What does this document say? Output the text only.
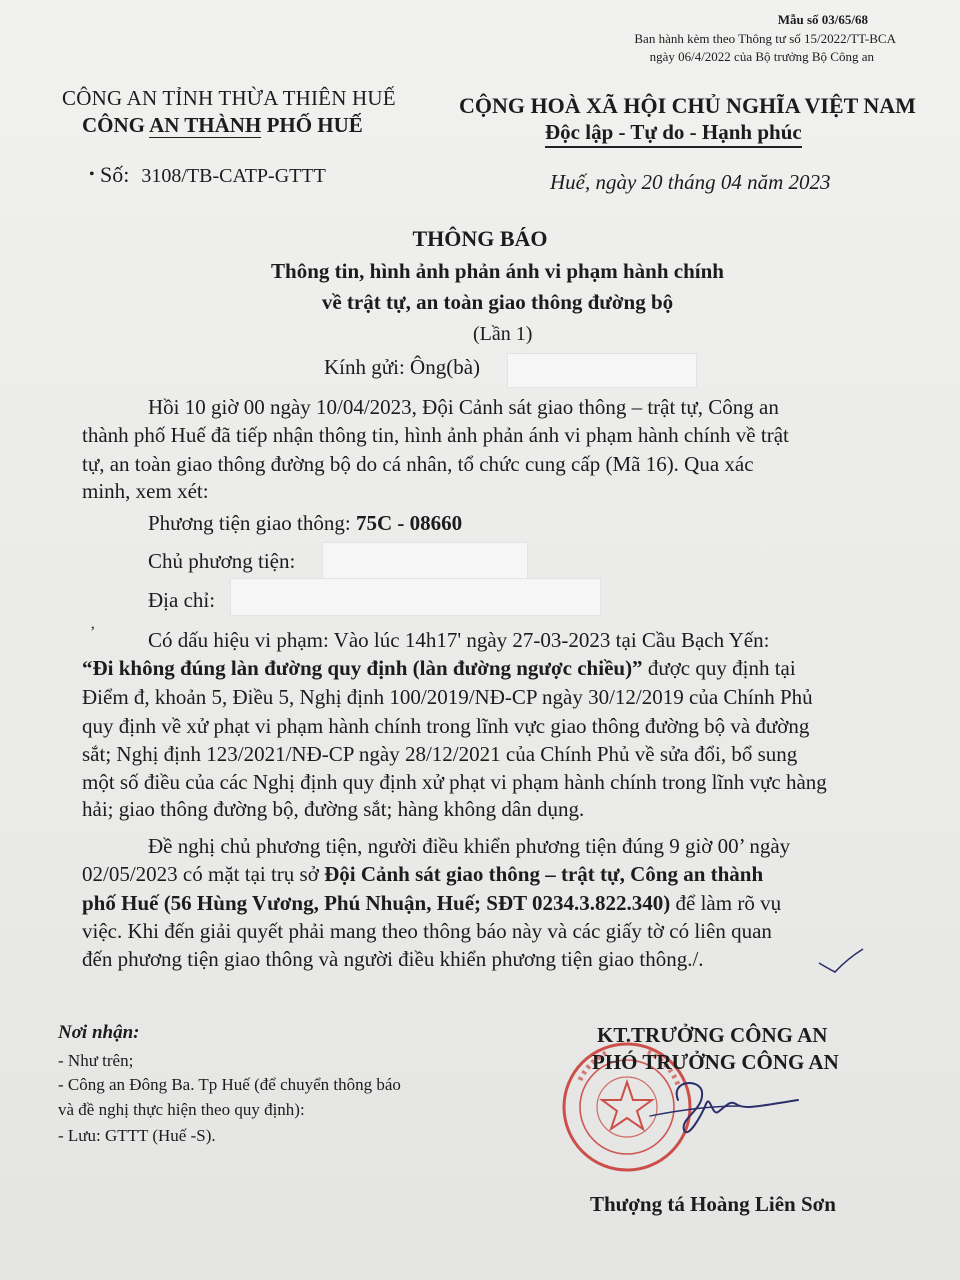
Mẫu số 03/65/68
Ban hành kèm theo Thông tư số 15/2022/TT-BCA
ngày 06/4/2022 của Bộ trưởng Bộ Công an
CÔNG AN TỈNH THỪA THIÊN HUẾ
CÔNG AN THÀNH PHỐ HUẾ
CỘNG HOÀ XÃ HỘI CHỦ NGHĨA VIỆT NAM
Độc lập - Tự do - Hạnh phúc
• Số: 3108/TB-CATP-GTTT	Huế, ngày 20 tháng 04 năm 2023
THÔNG BÁO
Thông tin, hình ảnh phản ánh vi phạm hành chính
về trật tự, an toàn giao thông đường bộ
(Lần 1)
Kính gửi: Ông(bà)
Hồi 10 giờ 00 ngày 10/04/2023, Đội Cảnh sát giao thông – trật tự, Công an
thành phố Huế đã tiếp nhận thông tin, hình ảnh phản ánh vi phạm hành chính về trật
tự, an toàn giao thông đường bộ do cá nhân, tổ chức cung cấp (Mã 16). Qua xác
minh, xem xét:
Phương tiện giao thông: 75C - 08660
Chủ phương tiện:
Địa chỉ:
ʼ	Có dấu hiệu vi phạm: Vào lúc 14h17' ngày 27-03-2023 tại Cầu Bạch Yến:
“Đi không đúng làn đường quy định (làn đường ngược chiều)” được quy định tại
Điểm đ, khoản 5, Điều 5, Nghị định 100/2019/NĐ-CP ngày 30/12/2019 của Chính Phủ
quy định về xử phạt vi phạm hành chính trong lĩnh vực giao thông đường bộ và đường
sắt; Nghị định 123/2021/NĐ-CP ngày 28/12/2021 của Chính Phủ về sửa đổi, bổ sung
một số điều của các Nghị định quy định xử phạt vi phạm hành chính trong lĩnh vực hàng
hải; giao thông đường bộ, đường sắt; hàng không dân dụng.
Đề nghị chủ phương tiện, người điều khiển phương tiện đúng 9 giờ 00’ ngày
02/05/2023 có mặt tại trụ sở Đội Cảnh sát giao thông – trật tự, Công an thành
phố Huế (56 Hùng Vương, Phú Nhuận, Huế; SĐT 0234.3.822.340) để làm rõ vụ
việc. Khi đến giải quyết phải mang theo thông báo này và các giấy tờ có liên quan
đến phương tiện giao thông và người điều khiển phương tiện giao thông./.
Nơi nhận:
- Như trên;
- Công an Đông Ba. Tp Huế (để chuyển thông báo
và đề nghị thực hiện theo quy định):
- Lưu: GTTT (Huế -S).
KT.TRƯỞNG CÔNG AN
PHÓ TRƯỞNG CÔNG AN
Thượng tá Hoàng Liên Sơn
